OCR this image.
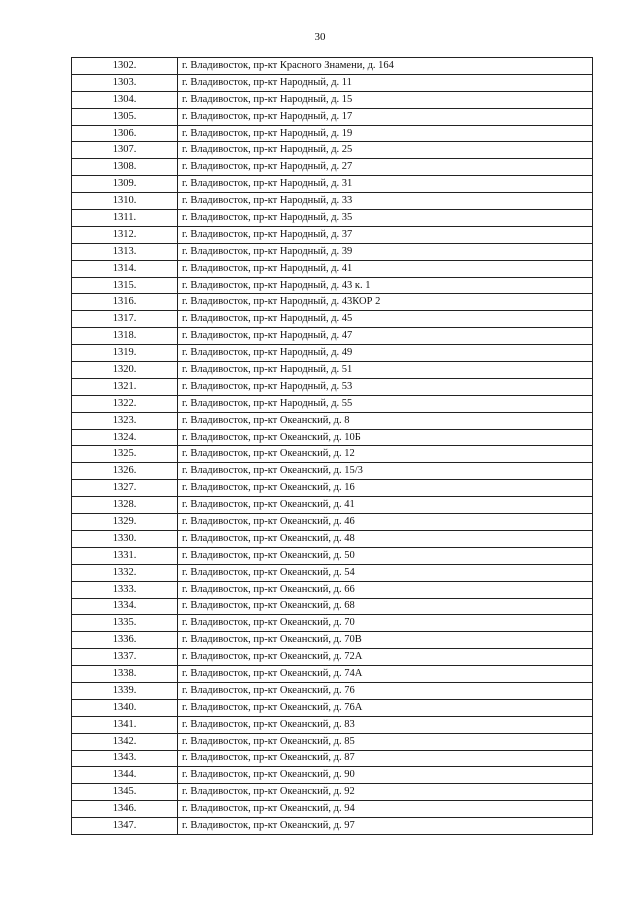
30
1302.	г. Владивосток, пр-кт Красного Знамени, д. 164
1303.	г. Владивосток, пр-кт Народный, д. 11
1304.	г. Владивосток, пр-кт Народный, д. 15
1305.	г. Владивосток, пр-кт Народный, д. 17
1306.	г. Владивосток, пр-кт Народный, д. 19
1307.	г. Владивосток, пр-кт Народный, д. 25
1308.	г. Владивосток, пр-кт Народный, д. 27
1309.	г. Владивосток, пр-кт Народный, д. 31
1310.	г. Владивосток, пр-кт Народный, д. 33
1311.	г. Владивосток, пр-кт Народный, д. 35
1312.	г. Владивосток, пр-кт Народный, д. 37
1313.	г. Владивосток, пр-кт Народный, д. 39
1314.	г. Владивосток, пр-кт Народный, д. 41
1315.	г. Владивосток, пр-кт Народный, д. 43 к. 1
1316.	г. Владивосток, пр-кт Народный, д. 43КОР 2
1317.	г. Владивосток, пр-кт Народный, д. 45
1318.	г. Владивосток, пр-кт Народный, д. 47
1319.	г. Владивосток, пр-кт Народный, д. 49
1320.	г. Владивосток, пр-кт Народный, д. 51
1321.	г. Владивосток, пр-кт Народный, д. 53
1322.	г. Владивосток, пр-кт Народный, д. 55
1323.	г. Владивосток, пр-кт Океанский, д. 8
1324.	г. Владивосток, пр-кт Океанский, д. 10Б
1325.	г. Владивосток, пр-кт Океанский, д. 12
1326.	г. Владивосток, пр-кт Океанский, д. 15/3
1327.	г. Владивосток, пр-кт Океанский, д. 16
1328.	г. Владивосток, пр-кт Океанский, д. 41
1329.	г. Владивосток, пр-кт Океанский, д. 46
1330.	г. Владивосток, пр-кт Океанский, д. 48
1331.	г. Владивосток, пр-кт Океанский, д. 50
1332.	г. Владивосток, пр-кт Океанский, д. 54
1333.	г. Владивосток, пр-кт Океанский, д. 66
1334.	г. Владивосток, пр-кт Океанский, д. 68
1335.	г. Владивосток, пр-кт Океанский, д. 70
1336.	г. Владивосток, пр-кт Океанский, д. 70В
1337.	г. Владивосток, пр-кт Океанский, д. 72А
1338.	г. Владивосток, пр-кт Океанский, д. 74А
1339.	г. Владивосток, пр-кт Океанский, д. 76
1340.	г. Владивосток, пр-кт Океанский, д. 76А
1341.	г. Владивосток, пр-кт Океанский, д. 83
1342.	г. Владивосток, пр-кт Океанский, д. 85
1343.	г. Владивосток, пр-кт Океанский, д. 87
1344.	г. Владивосток, пр-кт Океанский, д. 90
1345.	г. Владивосток, пр-кт Океанский, д. 92
1346.	г. Владивосток, пр-кт Океанский, д. 94
1347.	г. Владивосток, пр-кт Океанский, д. 97
